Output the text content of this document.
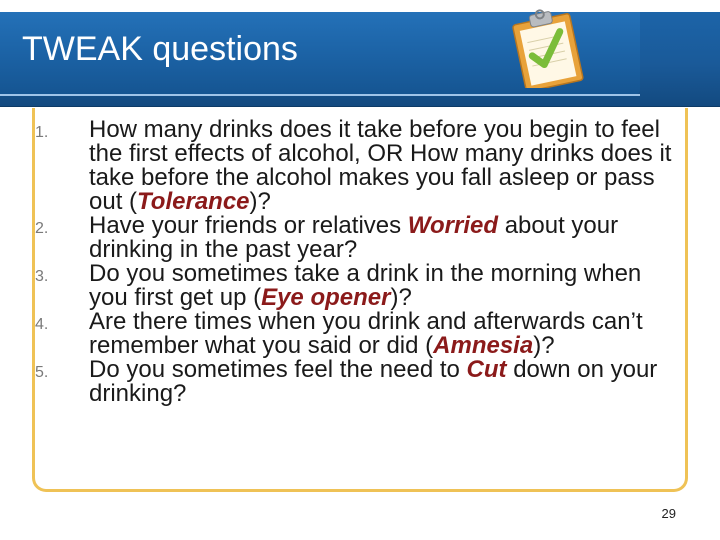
TWEAK questions
1. How many drinks does it take before you begin to feel the first effects of alcohol, OR How many drinks does it take before the alcohol makes you fall asleep or pass out (Tolerance)?
2. Have your friends or relatives Worried about your drinking in the past year?
3. Do you sometimes take a drink in the morning when you first get up (Eye opener)?
4. Are there times when you drink and afterwards can’t remember what you said or did (Amnesia)?
5. Do you sometimes feel the need to Cut down on your drinking?
29
